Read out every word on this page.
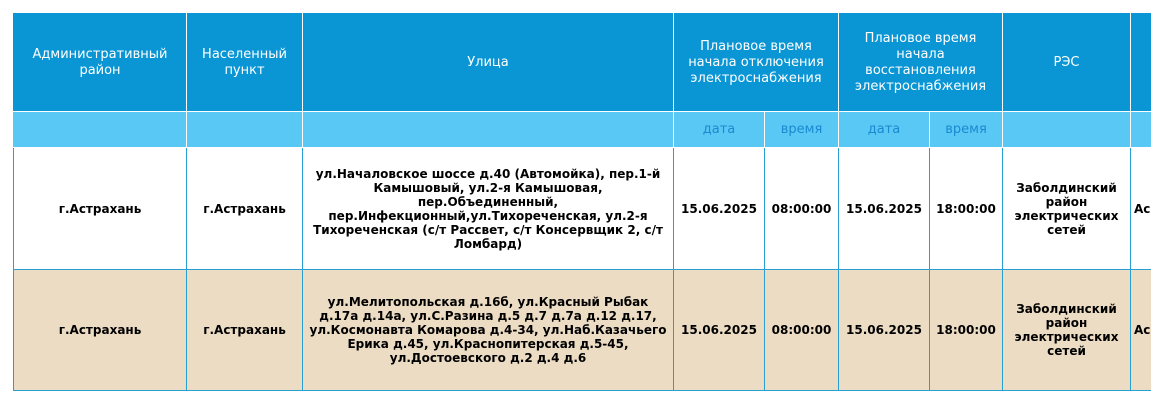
Административный район	Населенный пункт	Улица	Плановое время начала отключения электроснабжения		Плановое время начала восстановления электроснабжения		РЭС	
			дата	время	дата	время		
г.Астрахань	г.Астрахань	ул.Началовское шоссе д.40 (Автомойка), пер.1-й Камышовый, ул.2-я Камышовая, пер.Объединенный, пер.Инфекционный,ул.Тихореченская, ул.2-я Тихореченская (с/т Рассвет, с/т Консервщик 2, с/т Ломбард)	15.06.2025	08:00:00	15.06.2025	18:00:00	Заболдинский район электрических сетей	Ас
г.Астрахань	г.Астрахань	ул.Мелитопольская д.16б, ул.Красный Рыбак д.17а д.14а, ул.С.Разина д.5 д.7 д.7а д.12 д.17, ул.Космонавта Комарова д.4-34, ул.Наб.Казачьего Ерика д.45, ул.Краснопитерская д.5-45, ул.Достоевского д.2 д.4 д.6	15.06.2025	08:00:00	15.06.2025	18:00:00	Заболдинский район электрических сетей	Ас
